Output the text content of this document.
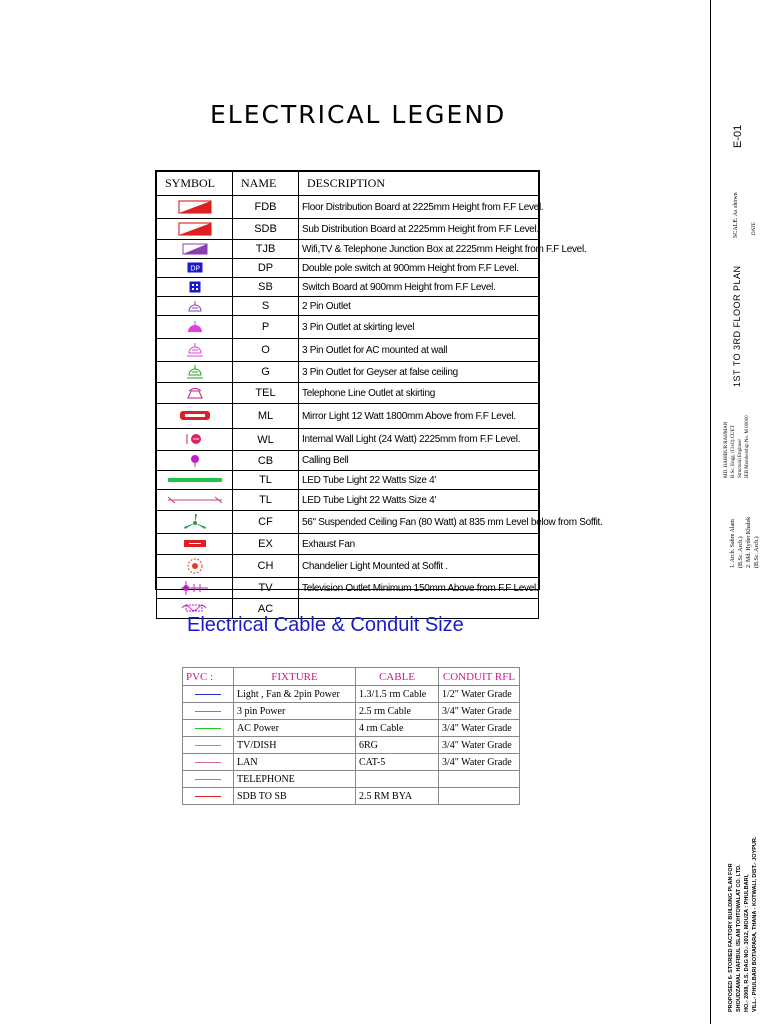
ELECTRICAL LEGEND
SYMBOL	NAME	DESCRIPTION
	FDB	Floor Distribution Board at 2225mm Height from F.F Level.
	SDB	Sub Distribution Board at 2225mm Height from F.F Level.
	TJB	Wifi,TV & Telephone Junction Box at 2225mm Height from F.F Level.

DP	DP	Double pole switch at 900mm Height from F.F Level.
	SB	Switch Board at 900mm Height from F.F Level.
	S	2 Pin Outlet
	P	3 Pin Outlet at skirting level
	O	3 Pin Outlet for AC mounted at wall
	G	3 Pin Outlet for Geyser at false ceiling
	TEL	Telephone Line Outlet at skirting
	ML	Mirror Light 12 Watt 1800mm Above from F.F Level.
	WL	Internal Wall Light (24 Watt) 2225mm from F.F Level.
	CB	Calling Bell
	TL	LED Tube Light 22 Watts Size 4'
	TL	LED Tube Light 22 Watts Size 4'
	CF	56" Suspended Ceiling Fan (80 Watt) at 835 mm Level below from Soffit.
	EX	Exhaust Fan
	CH	Chandelier Light Mounted at Soffit .
	TV	Television Outlet Minimum 150mm Above from F.F Level.
	AC	
Electrical Cable & Conduit Size
PVC :	FIXTURE	CABLE	CONDUIT RFL
	Light , Fan & 2pin Power	1.3/1.5 rm Cable	1/2" Water Grade
	3 pin Power	2.5 rm Cable	3/4" Water Grade
	AC Power	4 rm Cable	3/4" Water Grade
	TV/DISH	6RG	3/4" Water Grade
	LAN	CAT-5	3/4" Water Grade
	TELEPHONE		
	SDB TO SB	2.5 RM BYA	
E-01
SCALE: As shown	DATE
1ST TO 3RD FLOOR PLAN
MD. HABIBUR RAHMAN B.Sc. Engg. (Civil) CUET Structural Engineer IEB Membership No. M 00000
1. Arch. Sabre Alam (B.Sc. Arch.) 2. Md. Hyder Khalek (B.Sc. Arch.)
PROPOSED 6- STORIED FACTORY BUILDING PLAN FOR SHOUDZAMAL HAFIBUL ISLAM TOHTOWALAT CO. LTD. HO.- 2008, R.S. DAG NO.- 3012, MOUZA : PHULBARI, VILL.- PHULBARI BOTIAPARA, THANA - KOTWALI, DIST.- JOYPUR.
